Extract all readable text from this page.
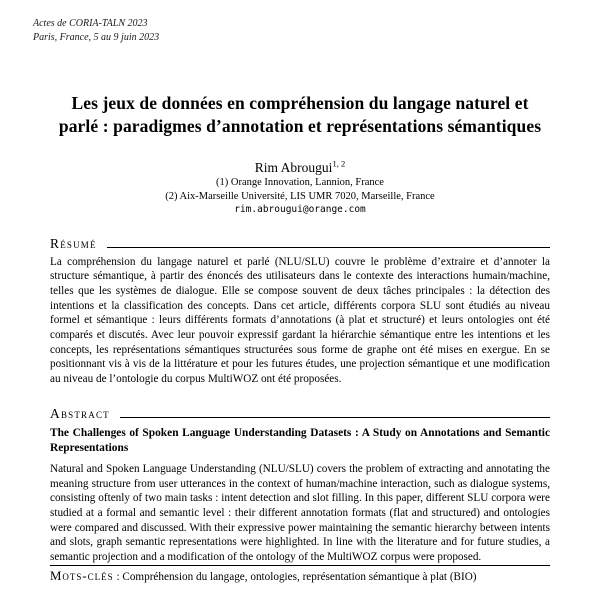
Actes de CORIA-TALN 2023
Paris, France, 5 au 9 juin 2023
Les jeux de données en compréhension du langage naturel et
parlé : paradigmes d’annotation et représentations sémantiques
Rim Abrougui$^{1, 2}$
(1) Orange Innovation, Lannion, France
(2) Aix-Marseille Université, LIS UMR 7020, Marseille, France
rim.abrougui@orange.com
Résumé

La compréhension du langage naturel et parlé (NLU/SLU) couvre le problème d’extraire et d’annoter la structure sémantique, à partir des énoncés des utilisateurs dans le contexte des interactions humain/machine, telles que les systèmes de dialogue. Elle se compose souvent de deux tâches principales : la détection des intentions et la classification des concepts. Dans cet article, différents corpora SLU sont étudiés au niveau formel et sémantique : leurs différents formats d’annotations (à plat et structuré) et leurs ontologies ont été comparés et discutés. Avec leur pouvoir expressif gardant la hiérarchie sémantique entre les intentions et les concepts, les représentations sémantiques structurées sous forme de graphe ont été mises en exergue. En se positionnant vis à vis de la littérature et pour les futures études, une projection sémantique et une modification au niveau de l’ontologie du corpus MultiWOZ ont été proposées.

Abstract

The Challenges of Spoken Language Understanding Datasets : A Study on Annotations and Semantic Representations

Natural and Spoken Language Understanding (NLU/SLU) covers the problem of extracting and annotating the meaning structure from user utterances in the context of human/machine interaction, such as dialogue systems, consisting oftenly of two main tasks : intent detection and slot filling. In this paper, different SLU corpora were studied at a formal and semantic level : their different annotation formats (flat and structured) and ontologies were compared and discussed. With their expressive power maintaining the semantic hierarchy between intents and slots, graph semantic representations were highlighted. In line with the literature and for future studies, a semantic projection and a modification of the ontology of the MultiWOZ corpus were proposed.

Mots-clés : Compréhension du langage, ontologies, représentation sémantique à plat (BIO)
